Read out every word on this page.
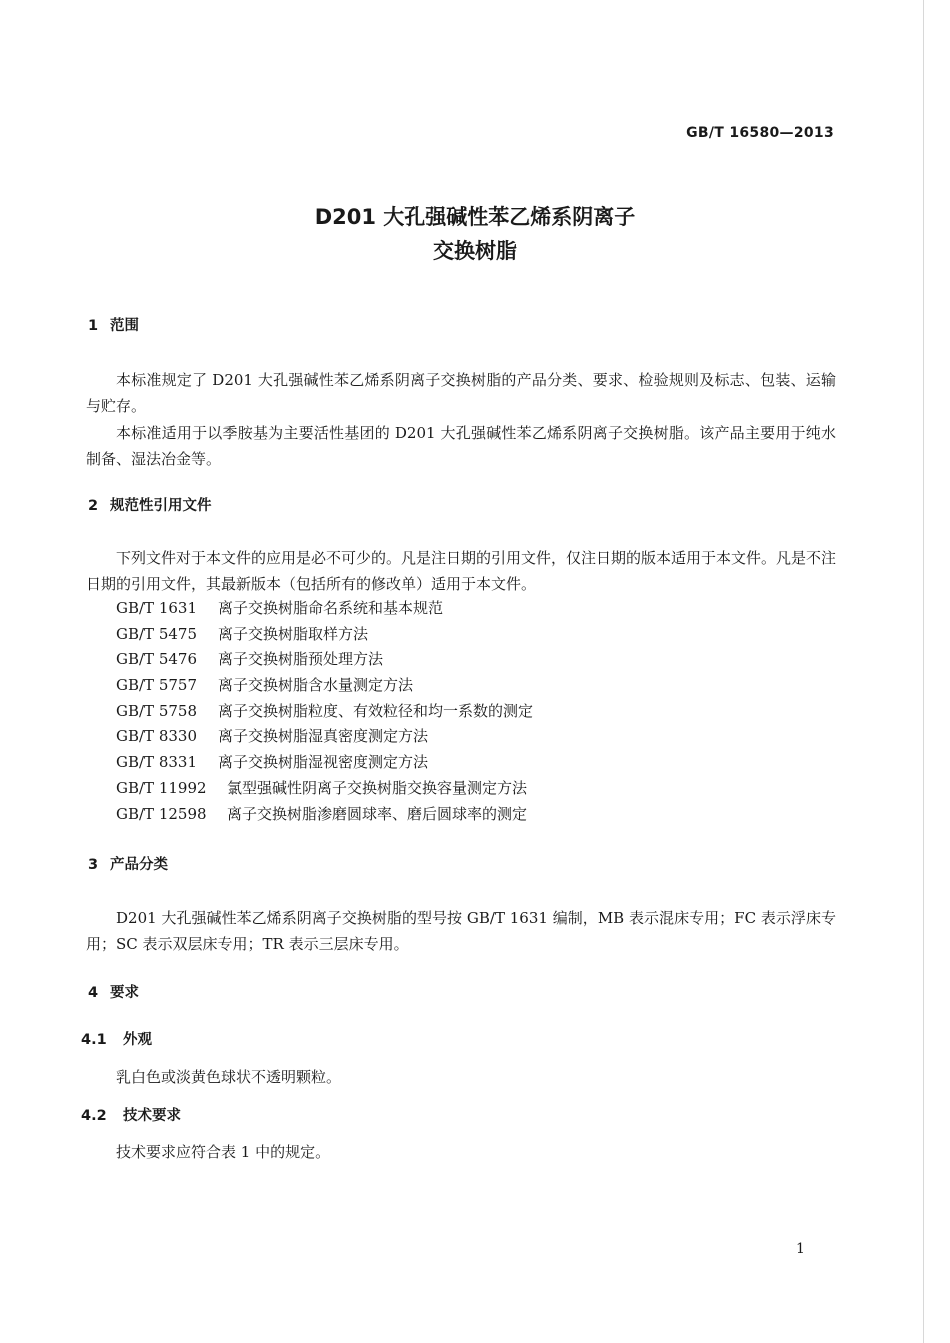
GB/T 16580—2013
D201 大孔强碱性苯乙烯系阴离子
交换树脂
1 范围
本标准规定了 D201 大孔强碱性苯乙烯系阴离子交换树脂的产品分类、要求、检验规则及标志、包装、运输与贮存。
本标准适用于以季胺基为主要活性基团的 D201 大孔强碱性苯乙烯系阴离子交换树脂。该产品主要用于纯水制备、湿法冶金等。
2 规范性引用文件
下列文件对于本文件的应用是必不可少的。凡是注日期的引用文件，仅注日期的版本适用于本文件。凡是不注日期的引用文件，其最新版本（包括所有的修改单）适用于本文件。
GB/T 1631 离子交换树脂命名系统和基本规范
GB/T 5475 离子交换树脂取样方法
GB/T 5476 离子交换树脂预处理方法
GB/T 5757 离子交换树脂含水量测定方法
GB/T 5758 离子交换树脂粒度、有效粒径和均一系数的测定
GB/T 8330 离子交换树脂湿真密度测定方法
GB/T 8331 离子交换树脂湿视密度测定方法
GB/T 11992 氯型强碱性阴离子交换树脂交换容量测定方法
GB/T 12598 离子交换树脂渗磨圆球率、磨后圆球率的测定
3 产品分类
D201 大孔强碱性苯乙烯系阴离子交换树脂的型号按 GB/T 1631 编制，MB 表示混床专用；FC 表示浮床专用；SC 表示双层床专用；TR 表示三层床专用。
4 要求
4.1 外观
乳白色或淡黄色球状不透明颗粒。
4.2 技术要求
技术要求应符合表 1 中的规定。
1
